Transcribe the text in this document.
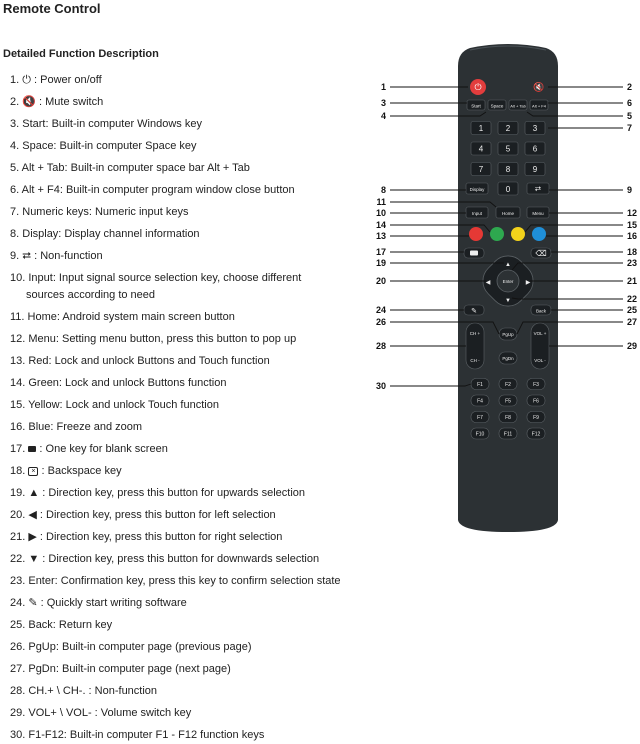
Remote Control
Detailed Function Description
1. ⏻ : Power on/off
2. 🔇 : Mute switch
3. Start: Built-in computer Windows key
4. Space: Built-in computer Space key
5. Alt + Tab: Built-in computer space bar Alt + Tab
6. Alt + F4: Built-in computer program window close button
7. Numeric keys: Numeric input keys
8. Display: Display channel information
9. ⮂ : Non-function
10. Input: Input signal source selection key, choose different
sources according to need
11. Home: Android system main screen button
12. Menu: Setting menu button, press this button to pop up
13. Red: Lock and unlock Buttons and Touch function
14. Green: Lock and unlock Buttons function
15. Yellow: Lock and unlock Touch function
16. Blue: Freeze and zoom
17.  : One key for blank screen
18. × : Backspace key
19. ▲ : Direction key, press this button for upwards selection
20. ◀ : Direction key, press this button for left selection
21. ▶ : Direction key, press this button for right selection
22. ▼ : Direction key, press this button for downwards selection
23. Enter: Confirmation key, press this key to confirm selection state
24. ✎ : Quickly start writing software
25. Back: Return key
26. PgUp: Built-in computer page (previous page)
27. PgDn: Built-in computer page (next page)
28. CH.+ \ CH-. : Non-function
29. VOL+ \ VOL- : Volume switch key
30. F1-F12: Built-in computer F1 - F12 function keys
⏻	🔇
Start Space Alt + Tab Alt + F4
1	2	3
4	5	6
7	8	9
Display	0	⮂
Input	Home	Menu
⌫
Enter
▲
▼
◀	▶
✎	Back
CH +
CH -
PgUp
PgDn
VOL +
VOL -
F1	F2	F3
F4	F5	F6
F7	F8	F9
F10	F11	F12
1	2
3
4	5
6
7
8	9
10
11
12
13
14	15
16
17	18
19
20	21
22
23
24	25
26	27
28	29
30
